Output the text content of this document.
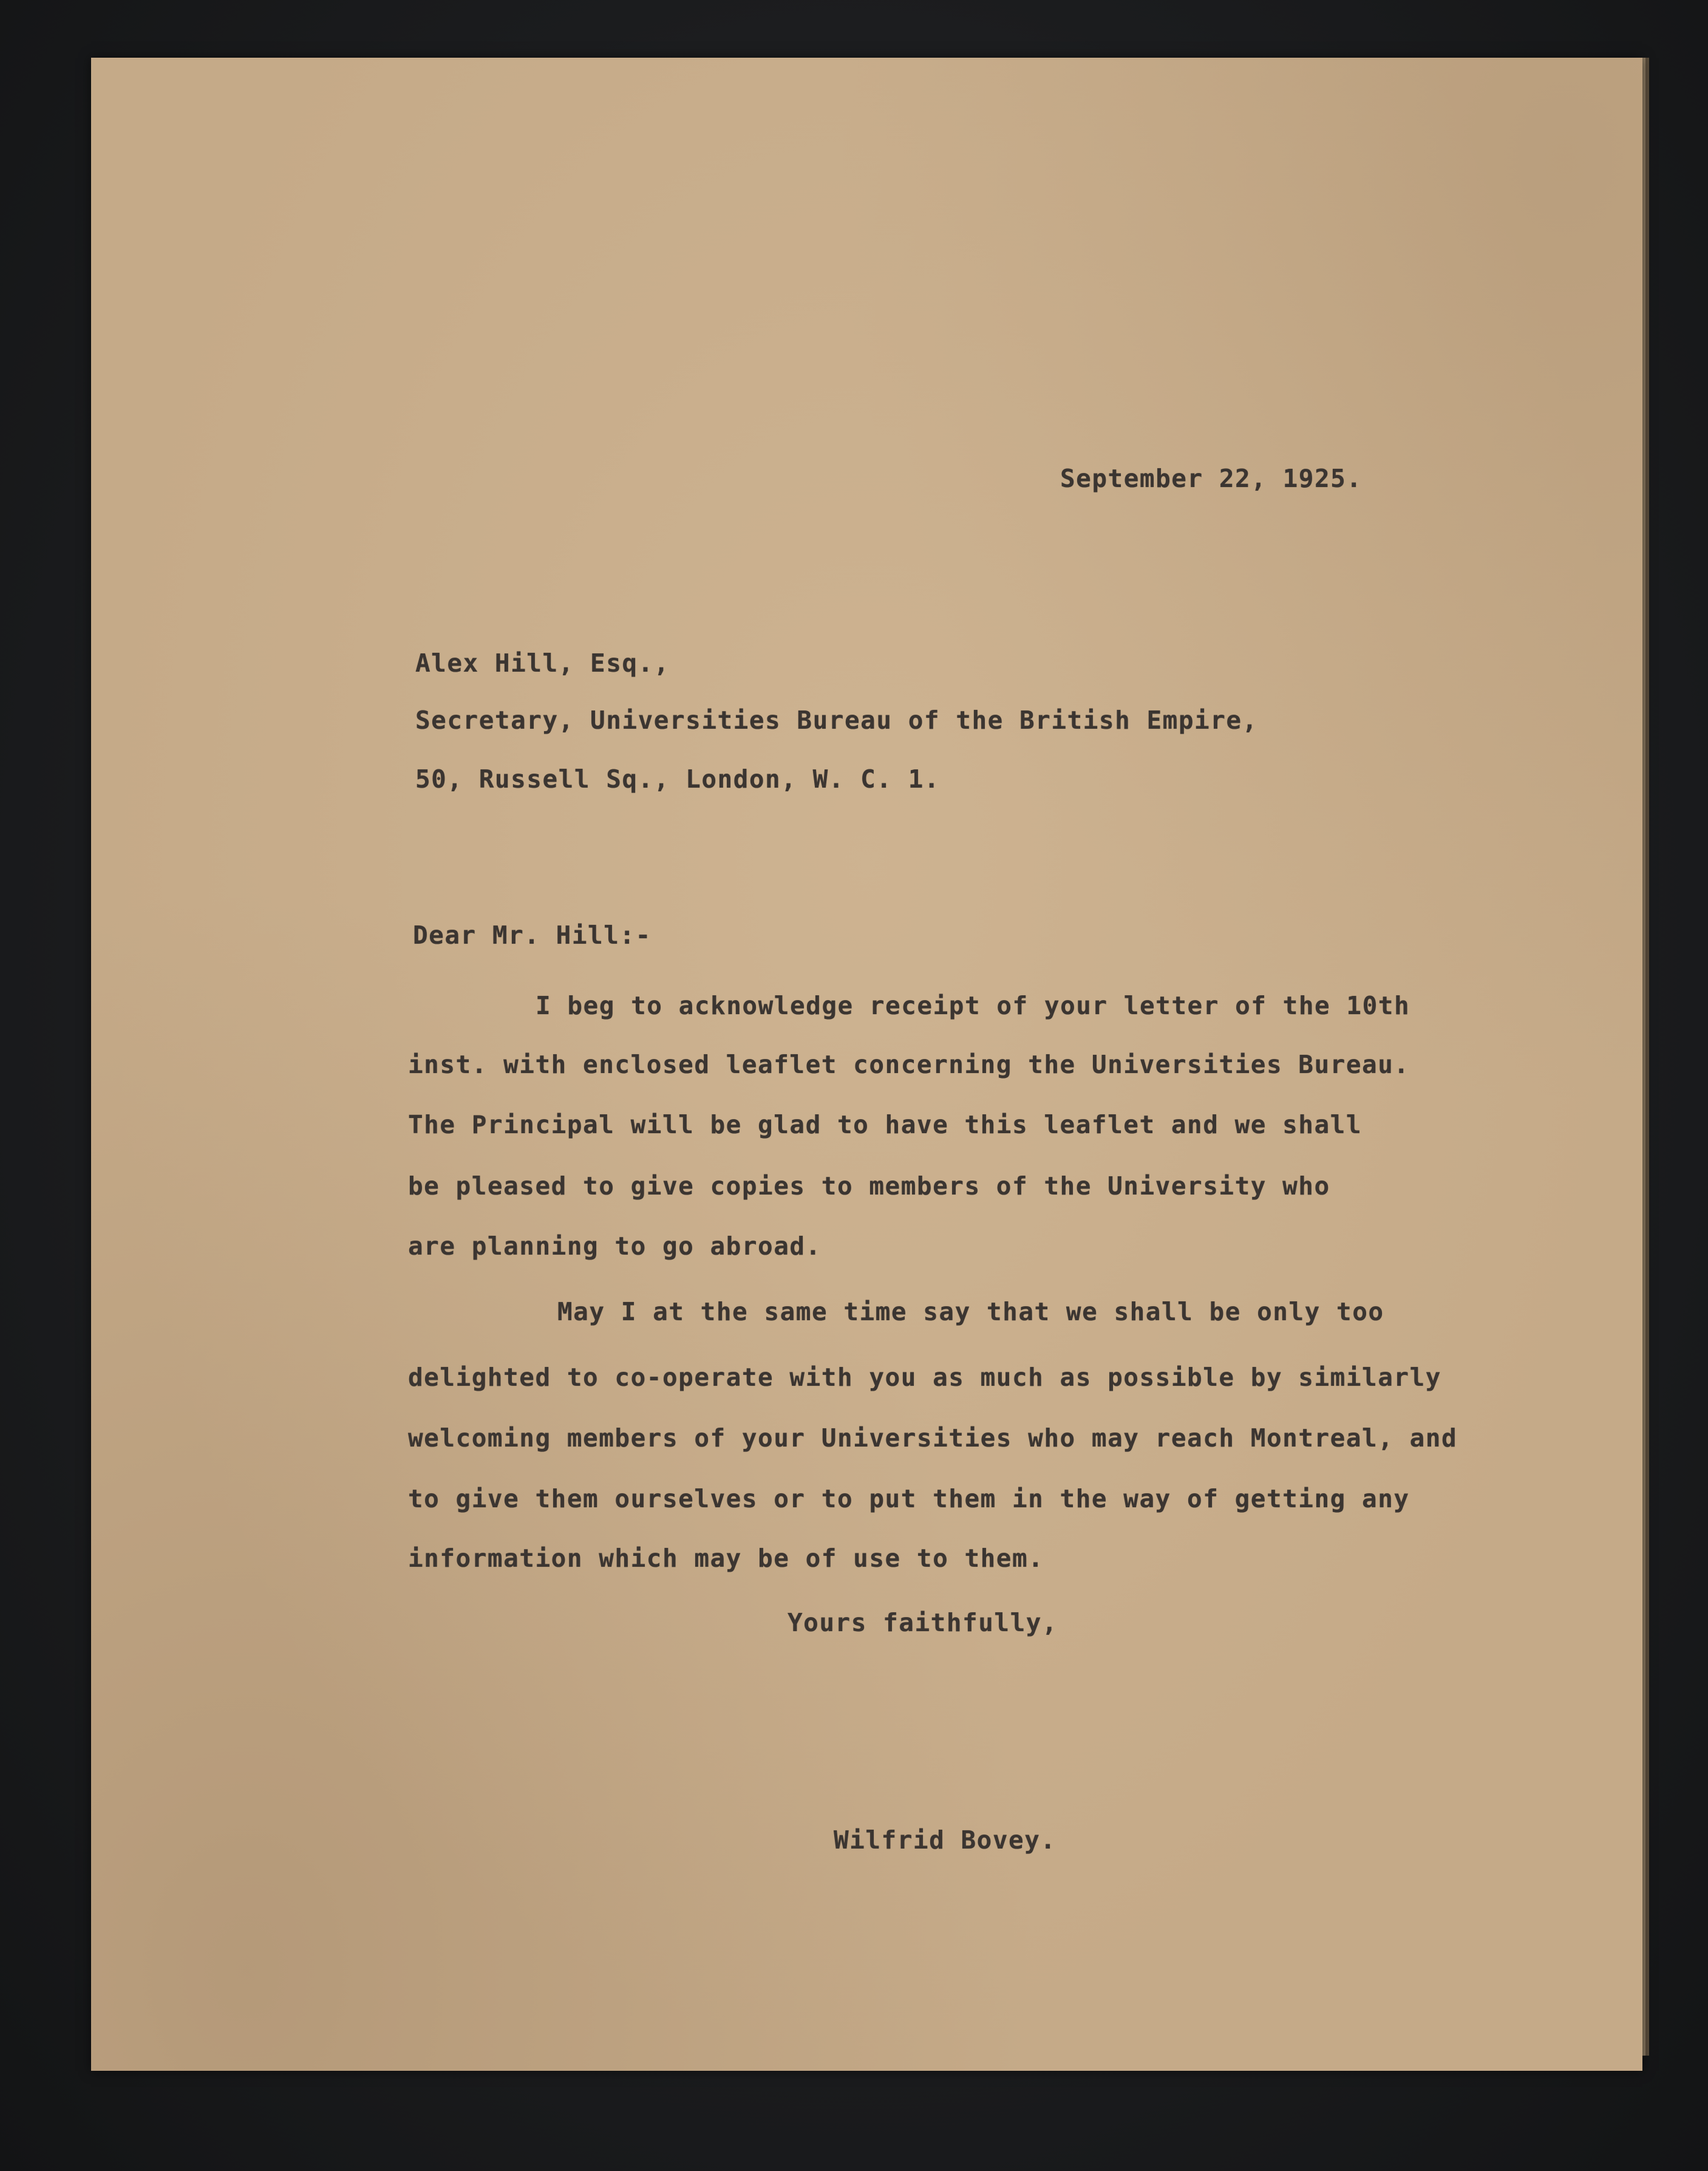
September 22, 1925.
Alex Hill, Esq.,
Secretary, Universities Bureau of the British Empire,
50, Russell Sq., London, W. C. 1.
Dear Mr. Hill:-
I beg to acknowledge receipt of your letter of the 10th
inst. with enclosed leaflet concerning the Universities Bureau.
The Principal will be glad to have this leaflet and we shall
be pleased to give copies to members of the University who
are planning to go abroad.
May I at the same time say that we shall be only too
delighted to co-operate with you as much as possible by similarly
welcoming members of your Universities who may reach Montreal, and
to give them ourselves or to put them in the way of getting any
information which may be of use to them.
Yours faithfully,
Wilfrid Bovey.
